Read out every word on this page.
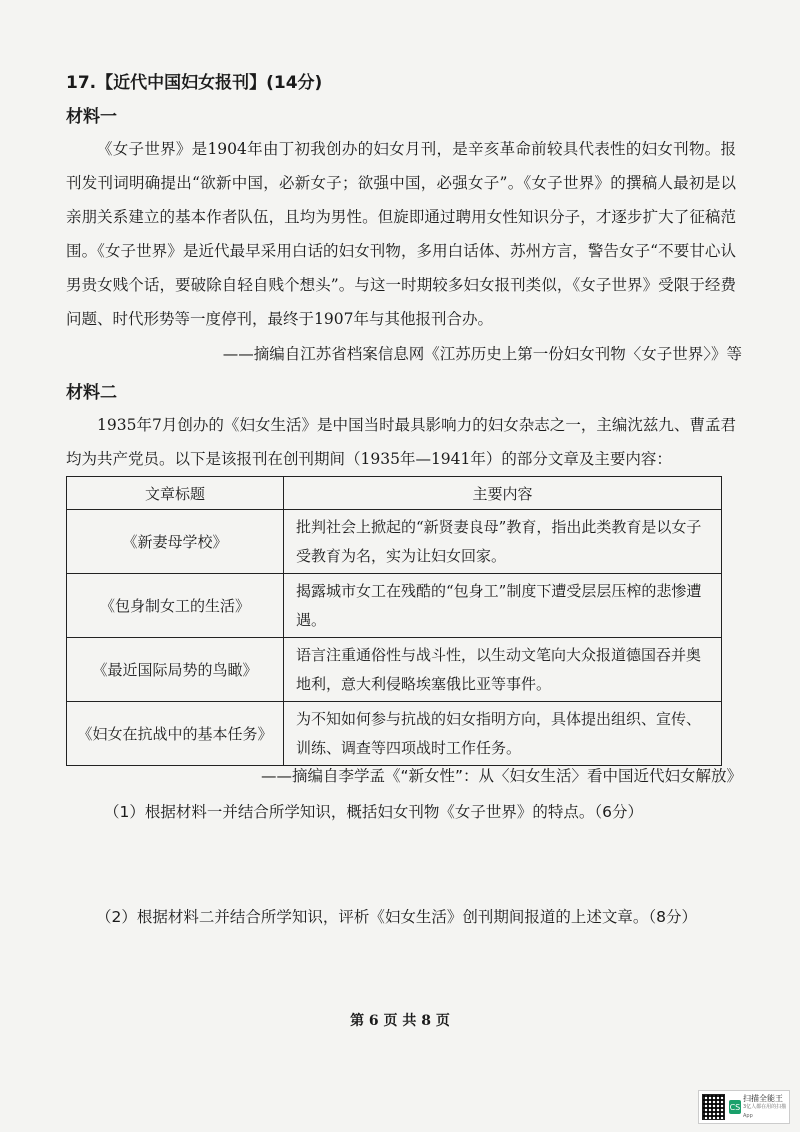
17.【近代中国妇女报刊】(14分)
材料一
《女子世界》是1904年由丁初我创办的妇女月刊，是辛亥革命前较具代表性的妇女刊物。报刊发刊词明确提出“欲新中国，必新女子；欲强中国，必强女子”。《女子世界》的撰稿人最初是以亲朋关系建立的基本作者队伍，且均为男性。但旋即通过聘用女性知识分子，才逐步扩大了征稿范围。《女子世界》是近代最早采用白话的妇女刊物，多用白话体、苏州方言，警告女子“不要甘心认男贵女贱个话，要破除自轻自贱个想头”。与这一时期较多妇女报刊类似，《女子世界》受限于经费问题、时代形势等一度停刊，最终于1907年与其他报刊合办。
——摘编自江苏省档案信息网《江苏历史上第一份妇女刊物〈女子世界〉》等
材料二
1935年7月创办的《妇女生活》是中国当时最具影响力的妇女杂志之一，主编沈兹九、曹孟君均为共产党员。以下是该报刊在创刊期间（1935年—1941年）的部分文章及主要内容：
文章标题	主要内容
《新妻母学校》	批判社会上掀起的“新贤妻良母”教育，指出此类教育是以女子受教育为名，实为让妇女回家。
《包身制女工的生活》	揭露城市女工在残酷的“包身工”制度下遭受层层压榨的悲惨遭遇。
《最近国际局势的鸟瞰》	语言注重通俗性与战斗性，以生动文笔向大众报道德国吞并奥地利，意大利侵略埃塞俄比亚等事件。
《妇女在抗战中的基本任务》	为不知如何参与抗战的妇女指明方向，具体提出组织、宣传、训练、调查等四项战时工作任务。
——摘编自李学孟《“新女性”：从〈妇女生活〉看中国近代妇女解放》
（1）根据材料一并结合所学知识，概括妇女刊物《女子世界》的特点。（6分）
（2）根据材料二并结合所学知识，评析《妇女生活》创刊期间报道的上述文章。（8分）
第 6 页 共 8 页
CS
扫描全能王
3亿人都在用的扫描App
